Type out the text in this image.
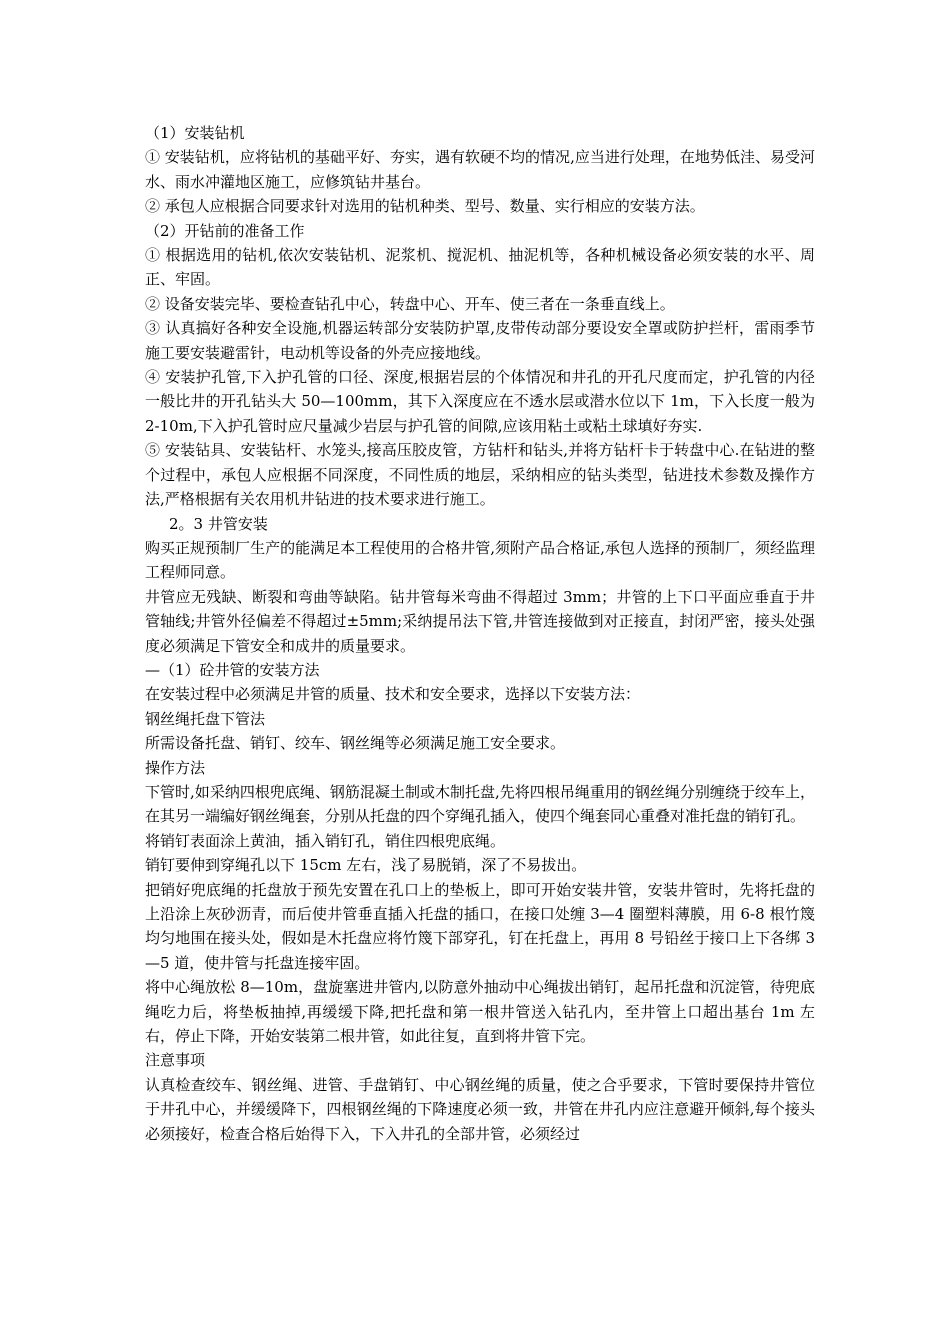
（1）安装钻机

① 安装钻机，应将钻机的基础平好、夯实，遇有软硬不均的情况,应当进行处理，在地势低洼、易受河水、雨水冲灌地区施工，应修筑钻井基台。

② 承包人应根据合同要求针对选用的钻机种类、型号、数量、实行相应的安装方法。

（2）开钻前的准备工作

① 根据选用的钻机,依次安装钻机、泥浆机、搅泥机、抽泥机等，各种机械设备必须安装的水平、周正、牢固。

② 设备安装完毕、要检查钻孔中心，转盘中心、开车、使三者在一条垂直线上。

③ 认真搞好各种安全设施,机器运转部分安装防护罩,皮带传动部分要设安全罩或防护拦杆，雷雨季节施工要安装避雷针，电动机等设备的外壳应接地线。

④ 安装护孔管,下入护孔管的口径、深度,根据岩层的个体情况和井孔的开孔尺度而定，护孔管的内径一般比井的开孔钻头大 50—100mm，其下入深度应在不透水层或潜水位以下 1m，下入长度一般为 2-10m,下入护孔管时应尺量减少岩层与护孔管的间隙,应该用粘土或粘土球填好夯实.

⑤ 安装钻具、安装钻杆、水笼头,接高压胶皮管，方钻杆和钻头,并将方钻杆卡于转盘中心.在钻进的整个过程中，承包人应根据不同深度，不同性质的地层，采纳相应的钻头类型，钻进技术参数及操作方法,严格根据有关农用机井钻进的技术要求进行施工。

2。3 井管安装

购买正规预制厂生产的能满足本工程使用的合格井管,须附产品合格证,承包人选择的预制厂，须经监理工程师同意。

井管应无残缺、断裂和弯曲等缺陷。钻井管每米弯曲不得超过 3mm；井管的上下口平面应垂直于井管轴线;井管外径偏差不得超过±5mm;采纳提吊法下管,井管连接做到对正接直，封闭严密，接头处强度必须满足下管安全和成井的质量要求。

—（1）砼井管的安装方法

在安装过程中必须满足井管的质量、技术和安全要求，选择以下安装方法：

钢丝绳托盘下管法

所需设备托盘、销钉、绞车、钢丝绳等必须满足施工安全要求。

操作方法

下管时,如采纳四根兜底绳、钢筋混凝土制或木制托盘,先将四根吊绳重用的钢丝绳分别缠绕于绞车上，在其另一端编好钢丝绳套，分别从托盘的四个穿绳孔插入，使四个绳套同心重叠对准托盘的销钉孔。

将销钉表面涂上黄油，插入销钉孔，销住四根兜底绳。

销钉要伸到穿绳孔以下 15cm 左右，浅了易脱销，深了不易拔出。

把销好兜底绳的托盘放于预先安置在孔口上的垫板上，即可开始安装井管，安装井管时，先将托盘的上沿涂上灰砂沥青，而后使井管垂直插入托盘的插口，在接口处缠 3—4 圈塑料薄膜，用 6-8 根竹篾均匀地围在接头处，假如是木托盘应将竹篾下部穿孔，钉在托盘上，再用 8 号铅丝于接口上下各绑 3—5 道，使井管与托盘连接牢固。

将中心绳放松 8—10m，盘旋塞进井管内,以防意外抽动中心绳拔出销钉，起吊托盘和沉淀管，待兜底绳吃力后，将垫板抽掉,再缓缓下降,把托盘和第一根井管送入钻孔内，至井管上口超出基台 1m 左右，停止下降，开始安装第二根井管，如此往复，直到将井管下完。

注意事项

认真检查绞车、钢丝绳、进管、手盘销钉、中心钢丝绳的质量，使之合乎要求，下管时要保持井管位于井孔中心，并缓缓降下，四根钢丝绳的下降速度必须一致，井管在井孔内应注意避开倾斜,每个接头必须接好，检查合格后始得下入，下入井孔的全部井管，必须经过
